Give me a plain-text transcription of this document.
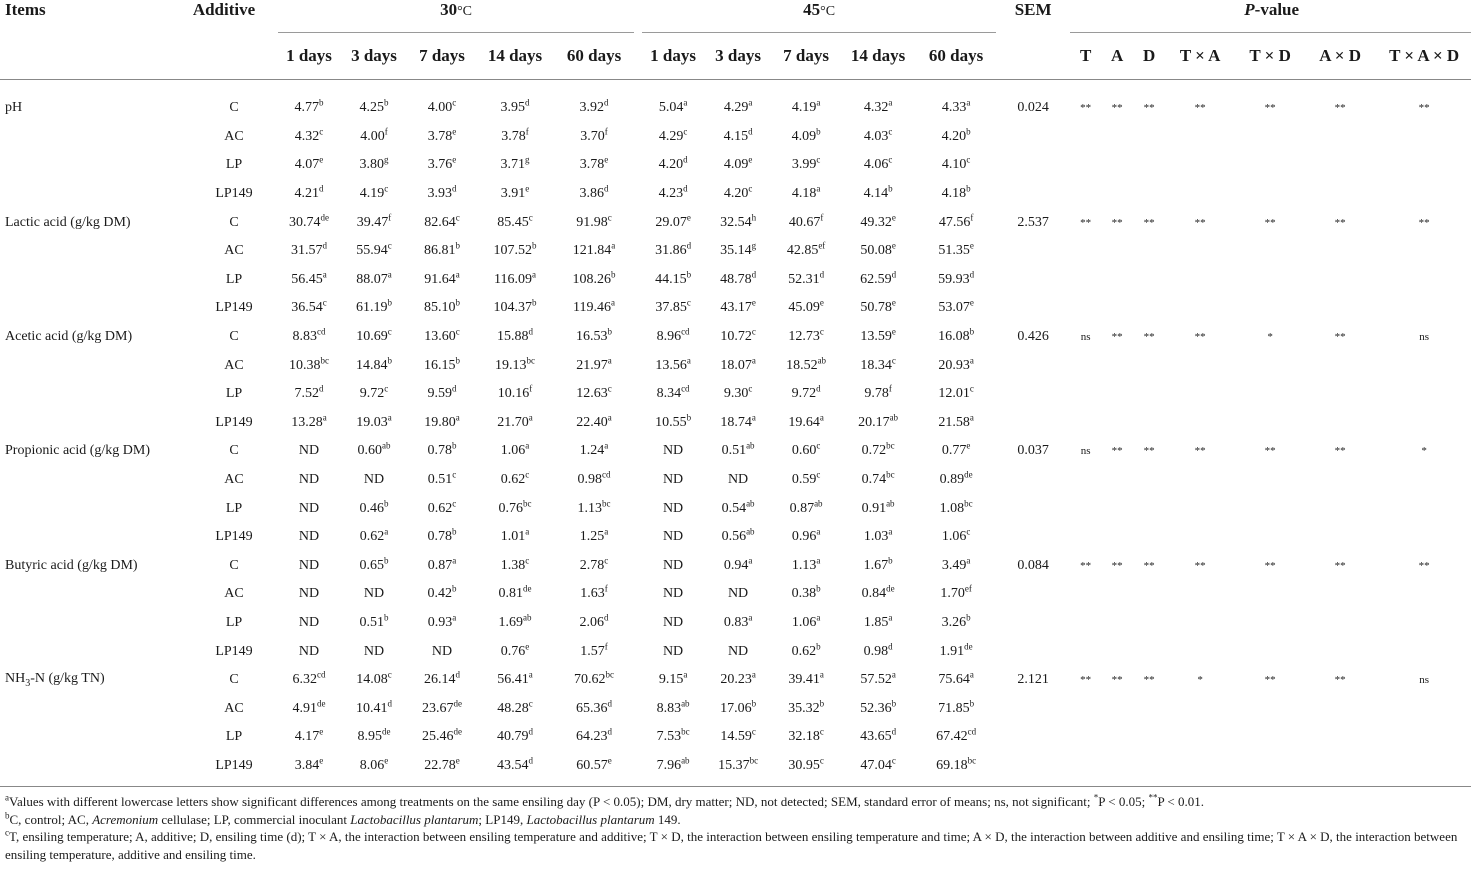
Items	Additive		30°C						45°C						SEM		P-value						
			1 days	3 days	7 days	14 days	60 days		1 days	3 days	7 days	14 days	60 days				T	A	D	T × A	T × D	A × D	T × A × D
pH	C		4.77$^b$	4.25$^b$	4.00$^c$	3.95$^d$	3.92$^d$		5.04$^a$	4.29$^a$	4.19$^a$	4.32$^a$	4.33$^a$		0.024		**	**	**	**	**	**	**
	AC		4.32$^c$	4.00$^f$	3.78e	3.78$^f$	3.70$^f$		4.29$^c$	4.15$^d$	4.09$^b$	4.03$^c$	4.20$^b$										
	LP		4.07e	3.80$^g$	3.76e	3.71$^g$	3.78e		4.20$^d$	4.09e	3.99$^c$	4.06$^c$	4.10$^c$										
	LP149		4.21$^d$	4.19$^c$	3.93$^d$	3.91e	3.86$^d$		4.23$^d$	4.20$^c$	4.18$^a$	4.14$^b$	4.18$^b$										
Lactic acid (g/kg DM)	C		30.74de	39.47$^f$	82.64$^c$	85.45$^c$	91.98$^c$		29.07e	32.54$^h$	40.67$^f$	49.32e	47.56$^f$		2.537		**	**	**	**	**	**	**
	AC		31.57$^d$	55.94$^c$	86.81$^b$	107.52$^b$	121.84$^a$		31.86$^d$	35.14$^g$	42.85$^{ef}$	50.08e	51.35e										
	LP		56.45$^a$	88.07$^a$	91.64$^a$	116.09$^a$	108.26$^b$		44.15$^b$	48.78$^d$	52.31$^d$	62.59$^d$	59.93$^d$										
	LP149		36.54$^c$	61.19$^b$	85.10$^b$	104.37$^b$	119.46$^a$		37.85$^c$	43.17e	45.09e	50.78e	53.07e										
Acetic acid (g/kg DM)	C		8.83$^{cd}$	10.69$^c$	13.60$^c$	15.88$^d$	16.53$^b$		8.96$^{cd}$	10.72$^c$	12.73$^c$	13.59e	16.08$^b$		0.426		ns	**	**	**	*	**	ns
	AC		10.38$^{bc}$	14.84$^b$	16.15$^b$	19.13$^{bc}$	21.97$^a$		13.56$^a$	18.07$^a$	18.52$^{ab}$	18.34$^c$	20.93$^a$										
	LP		7.52$^d$	9.72$^c$	9.59$^d$	10.16$^f$	12.63$^c$		8.34$^{cd}$	9.30$^c$	9.72$^d$	9.78$^f$	12.01$^c$										
	LP149		13.28$^a$	19.03$^a$	19.80$^a$	21.70$^a$	22.40$^a$		10.55$^b$	18.74$^a$	19.64$^a$	20.17$^{ab}$	21.58$^a$										
Propionic acid (g/kg DM)	C		ND	0.60$^{ab}$	0.78$^b$	1.06$^a$	1.24$^a$		ND	0.51$^{ab}$	0.60$^c$	0.72$^{bc}$	0.77e		0.037		ns	**	**	**	**	**	*
	AC		ND	ND	0.51$^c$	0.62$^c$	0.98$^{cd}$		ND	ND	0.59$^c$	0.74$^{bc}$	0.89de										
	LP		ND	0.46$^b$	0.62$^c$	0.76$^{bc}$	1.13$^{bc}$		ND	0.54$^{ab}$	0.87$^{ab}$	0.91$^{ab}$	1.08$^{bc}$										
	LP149		ND	0.62$^a$	0.78$^b$	1.01$^a$	1.25$^a$		ND	0.56$^{ab}$	0.96$^a$	1.03$^a$	1.06$^c$										
Butyric acid (g/kg DM)	C		ND	0.65$^b$	0.87$^a$	1.38$^c$	2.78$^c$		ND	0.94$^a$	1.13$^a$	1.67$^b$	3.49$^a$		0.084		**	**	**	**	**	**	**
	AC		ND	ND	0.42$^b$	0.81de	1.63$^f$		ND	ND	0.38$^b$	0.84de	1.70$^{ef}$										
	LP		ND	0.51$^b$	0.93$^a$	1.69$^{ab}$	2.06$^d$		ND	0.83$^a$	1.06$^a$	1.85$^a$	3.26$^b$										
	LP149		ND	ND	ND	0.76e	1.57$^f$		ND	ND	0.62$^b$	0.98$^d$	1.91de										
$NH_3-N$ (g/kg TN)	C		6.32$^{cd}$	14.08$^c$	26.14$^d$	56.41$^a$	70.62$^{bc}$		9.15$^a$	20.23$^a$	39.41$^a$	57.52$^a$	75.64$^a$		2.121		**	**	**	*	**	**	ns
	AC		4.91de	10.41$^d$	23.67de	48.28$^c$	65.36$^d$		8.83$^{ab}$	17.06$^b$	35.32$^b$	52.36$^b$	71.85$^b$										
	LP		4.17e	8.95de	25.46de	40.79$^d$	64.23$^d$		7.53$^{bc}$	14.59$^c$	32.18$^c$	43.65$^d$	67.42$^{cd}$										
	LP149		3.84e	8.06e	22.78e	43.54$^d$	60.57e		7.96$^{ab}$	15.37$^{bc}$	30.95$^c$	47.04$^c$	69.18$^{bc}$										

$^a$Values with different lowercase letters show significant differences among treatments on the same ensiling day (P < 0.05); DM, dry matter; ND, not detected; SEM, standard error of means; ns, not significant; *P < 0.05; **P < 0.01.

$^b$C, control; AC, Acremonium cellulase; LP, commercial inoculant Lactobacillus plantarum; LP149, Lactobacillus plantarum 149.

$^c$T, ensiling temperature; A, additive; D, ensiling time (d); T × A, the interaction between ensiling temperature and additive; T × D, the interaction between ensiling temperature and time; A × D, the interaction between additive and ensiling time; T × A × D, the interaction between ensiling temperature, additive and ensiling time.
